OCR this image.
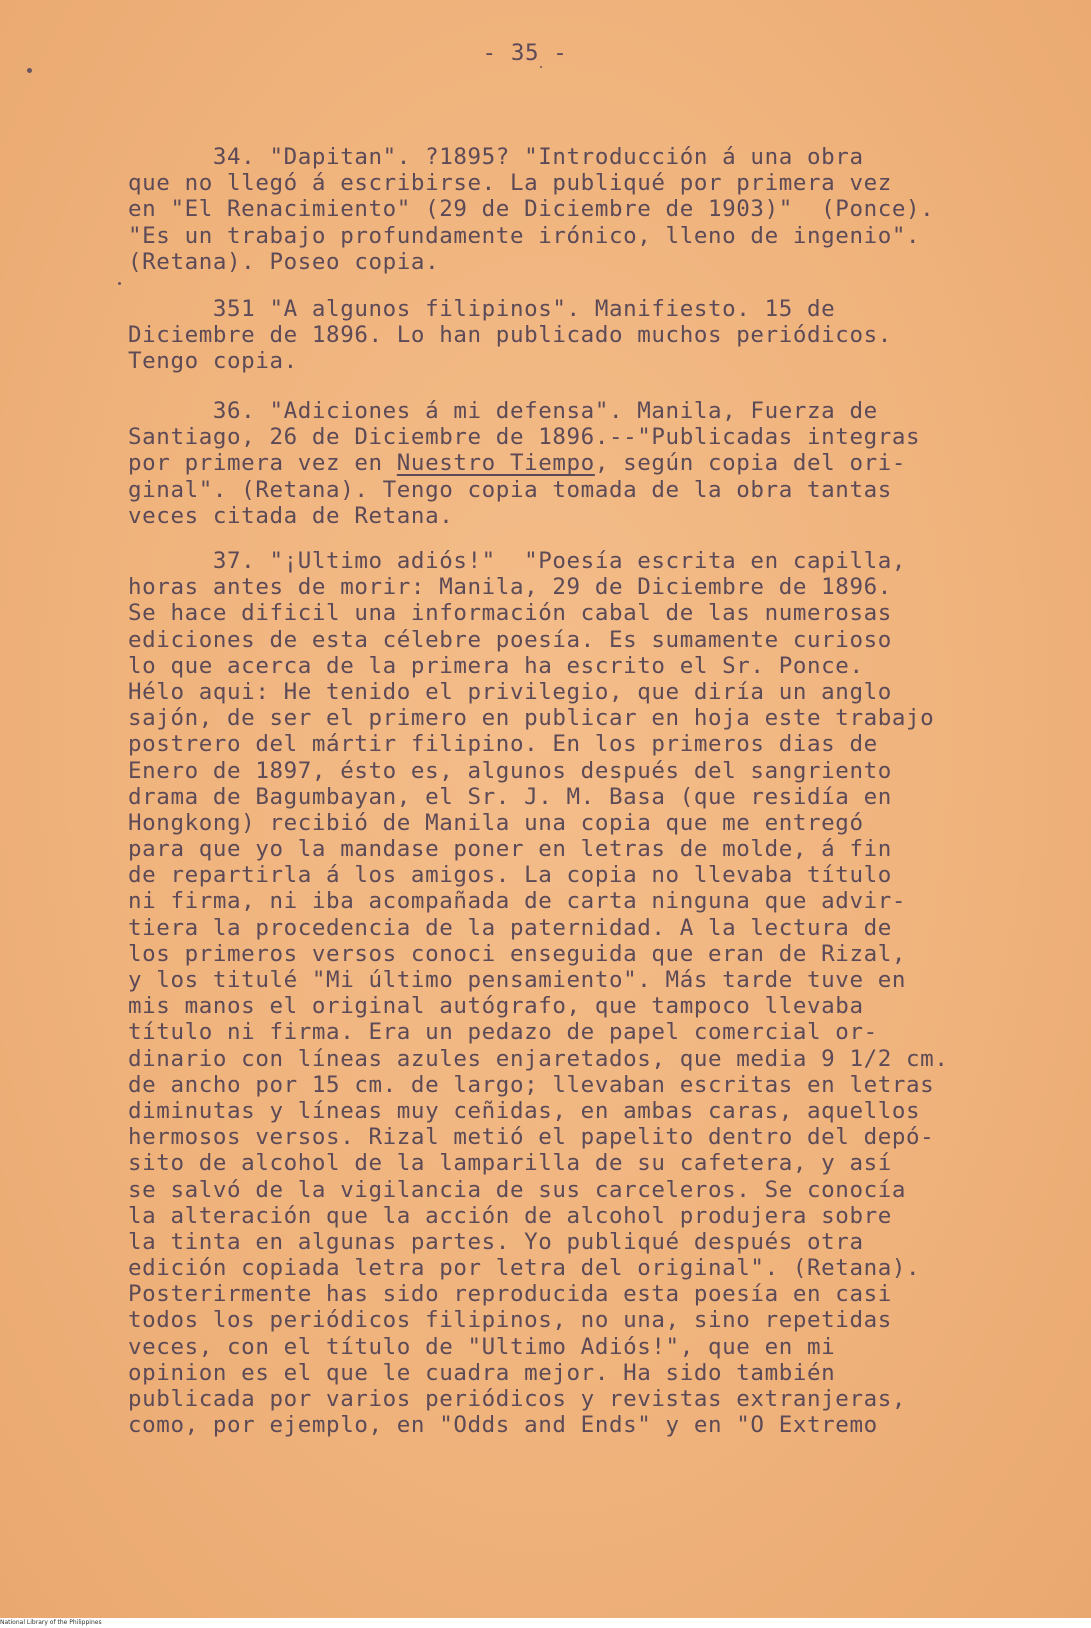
- 35 -
34. "Dapitan". ?1895? "Introducción á una obra
que no llegó á escribirse. La publiqué por primera vez
en "El Renacimiento" (29 de Diciembre de 1903)"  (Ponce).
"Es un trabajo profundamente irónico, lleno de ingenio".
(Retana). Poseo copia.
351 "A algunos filipinos". Manifiesto. 15 de
Diciembre de 1896. Lo han publicado muchos periódicos.
Tengo copia.
36. "Adiciones á mi defensa". Manila, Fuerza de
Santiago, 26 de Diciembre de 1896.--"Publicadas integras
por primera vez en Nuestro Tiempo, según copia del ori-
ginal". (Retana). Tengo copia tomada de la obra tantas
veces citada de Retana.
37. "¡Ultimo adiós!"  "Poesía escrita en capilla,
horas antes de morir: Manila, 29 de Diciembre de 1896.
Se hace dificil una información cabal de las numerosas
ediciones de esta célebre poesía. Es sumamente curioso
lo que acerca de la primera ha escrito el Sr. Ponce.
Hélo aqui: He tenido el privilegio, que diría un anglo
sajón, de ser el primero en publicar en hoja este trabajo
postrero del mártir filipino. En los primeros dias de
Enero de 1897, ésto es, algunos después del sangriento
drama de Bagumbayan, el Sr. J. M. Basa (que residía en
Hongkong) recibió de Manila una copia que me entregó
para que yo la mandase poner en letras de molde, á fin
de repartirla á los amigos. La copia no llevaba título
ni firma, ni iba acompañada de carta ninguna que advir-
tiera la procedencia de la paternidad. A la lectura de
los primeros versos conoci enseguida que eran de Rizal,
y los titulé "Mi último pensamiento". Más tarde tuve en
mis manos el original autógrafo, que tampoco llevaba
título ni firma. Era un pedazo de papel comercial or-
dinario con líneas azules enjaretados, que media 9 1/2 cm.
de ancho por 15 cm. de largo; llevaban escritas en letras
diminutas y líneas muy ceñidas, en ambas caras, aquellos
hermosos versos. Rizal metió el papelito dentro del depó-
sito de alcohol de la lamparilla de su cafetera, y así
se salvó de la vigilancia de sus carceleros. Se conocía
la alteración que la acción de alcohol produjera sobre
la tinta en algunas partes. Yo publiqué después otra
edición copiada letra por letra del original". (Retana).
Posterirmente has sido reproducida esta poesía en casi
todos los periódicos filipinos, no una, sino repetidas
veces, con el título de "Ultimo Adiós!", que en mi
opinion es el que le cuadra mejor. Ha sido también
publicada por varios periódicos y revistas extranjeras,
como, por ejemplo, en "Odds and Ends" y en "O Extremo
National Library of the Philippines
